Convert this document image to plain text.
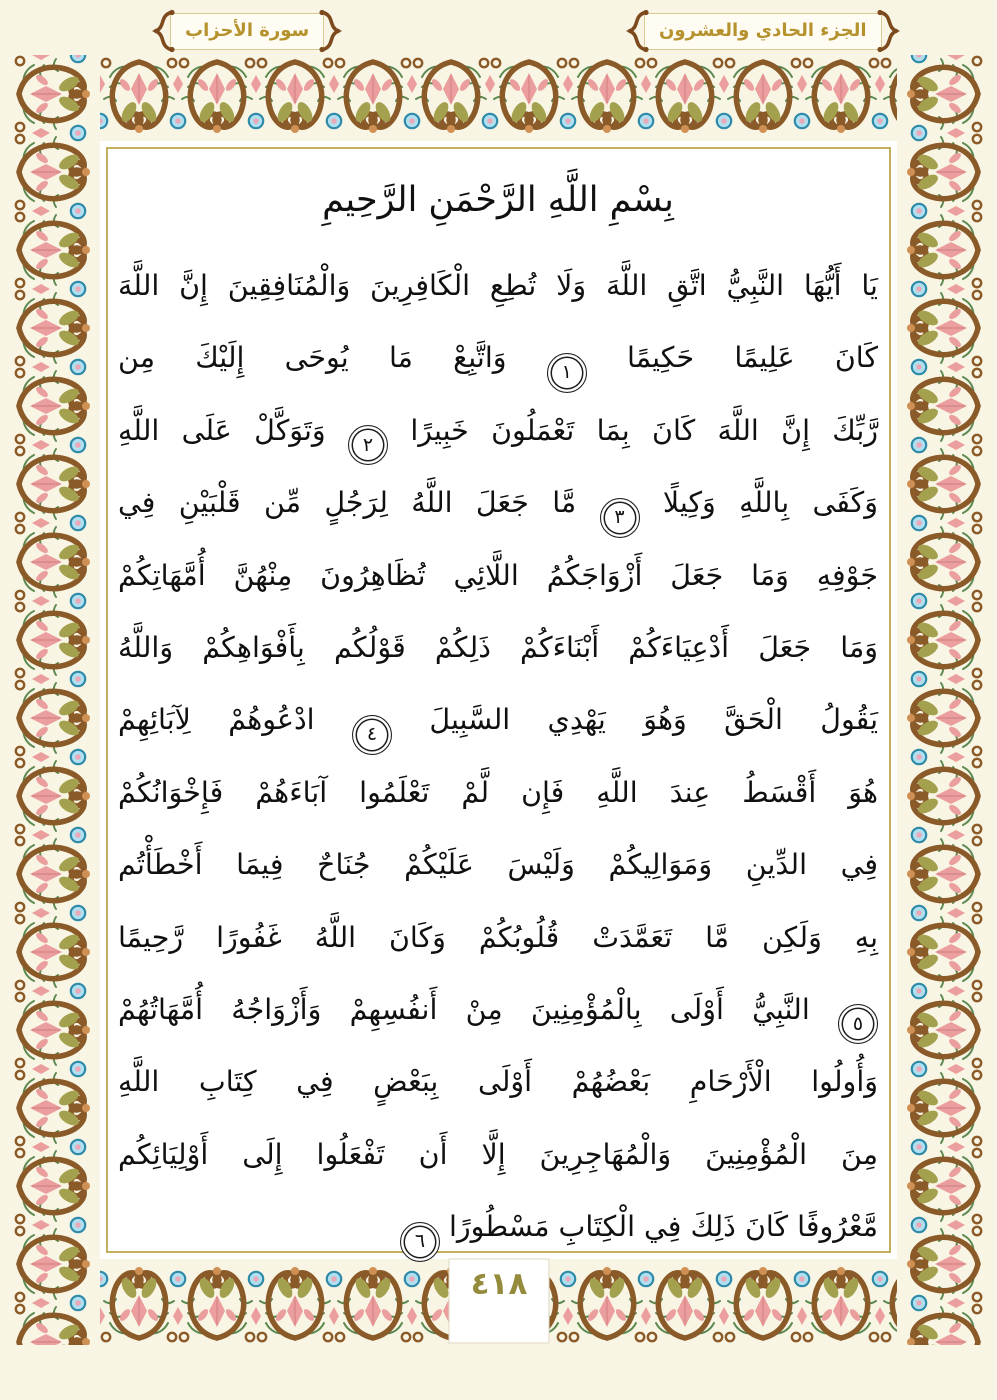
سورة الأحزاب	الجزء الحادي والعشرون
بِسْمِ اللَّهِ الرَّحْمَنِ الرَّحِيمِ
يَا أَيُّهَا النَّبِيُّ اتَّقِ اللَّهَ وَلَا تُطِعِ الْكَافِرِينَ وَالْمُنَافِقِينَ إِنَّ اللَّهَ
كَانَ عَلِيمًا حَكِيمًا ١ وَاتَّبِعْ مَا يُوحَى إِلَيْكَ مِن
رَّبِّكَ إِنَّ اللَّهَ كَانَ بِمَا تَعْمَلُونَ خَبِيرًا ٢ وَتَوَكَّلْ عَلَى اللَّهِ
وَكَفَى بِاللَّهِ وَكِيلًا ٣ مَّا جَعَلَ اللَّهُ لِرَجُلٍ مِّن قَلْبَيْنِ فِي
جَوْفِهِ وَمَا جَعَلَ أَزْوَاجَكُمُ اللَّائِي تُظَاهِرُونَ مِنْهُنَّ أُمَّهَاتِكُمْ
وَمَا جَعَلَ أَدْعِيَاءَكُمْ أَبْنَاءَكُمْ ذَلِكُمْ قَوْلُكُم بِأَفْوَاهِكُمْ وَاللَّهُ
يَقُولُ الْحَقَّ وَهُوَ يَهْدِي السَّبِيلَ ٤ ادْعُوهُمْ لِآبَائِهِمْ
هُوَ أَقْسَطُ عِندَ اللَّهِ فَإِن لَّمْ تَعْلَمُوا آبَاءَهُمْ فَإِخْوَانُكُمْ
فِي الدِّينِ وَمَوَالِيكُمْ وَلَيْسَ عَلَيْكُمْ جُنَاحٌ فِيمَا أَخْطَأْتُم
بِهِ وَلَكِن مَّا تَعَمَّدَتْ قُلُوبُكُمْ وَكَانَ اللَّهُ غَفُورًا رَّحِيمًا
٥ النَّبِيُّ أَوْلَى بِالْمُؤْمِنِينَ مِنْ أَنفُسِهِمْ وَأَزْوَاجُهُ أُمَّهَاتُهُمْ
وَأُولُوا الْأَرْحَامِ بَعْضُهُمْ أَوْلَى بِبَعْضٍ فِي كِتَابِ اللَّهِ
مِنَ الْمُؤْمِنِينَ وَالْمُهَاجِرِينَ إِلَّا أَن تَفْعَلُوا إِلَى أَوْلِيَائِكُم
مَّعْرُوفًا كَانَ ذَلِكَ فِي الْكِتَابِ مَسْطُورًا ٦
٤١٨
